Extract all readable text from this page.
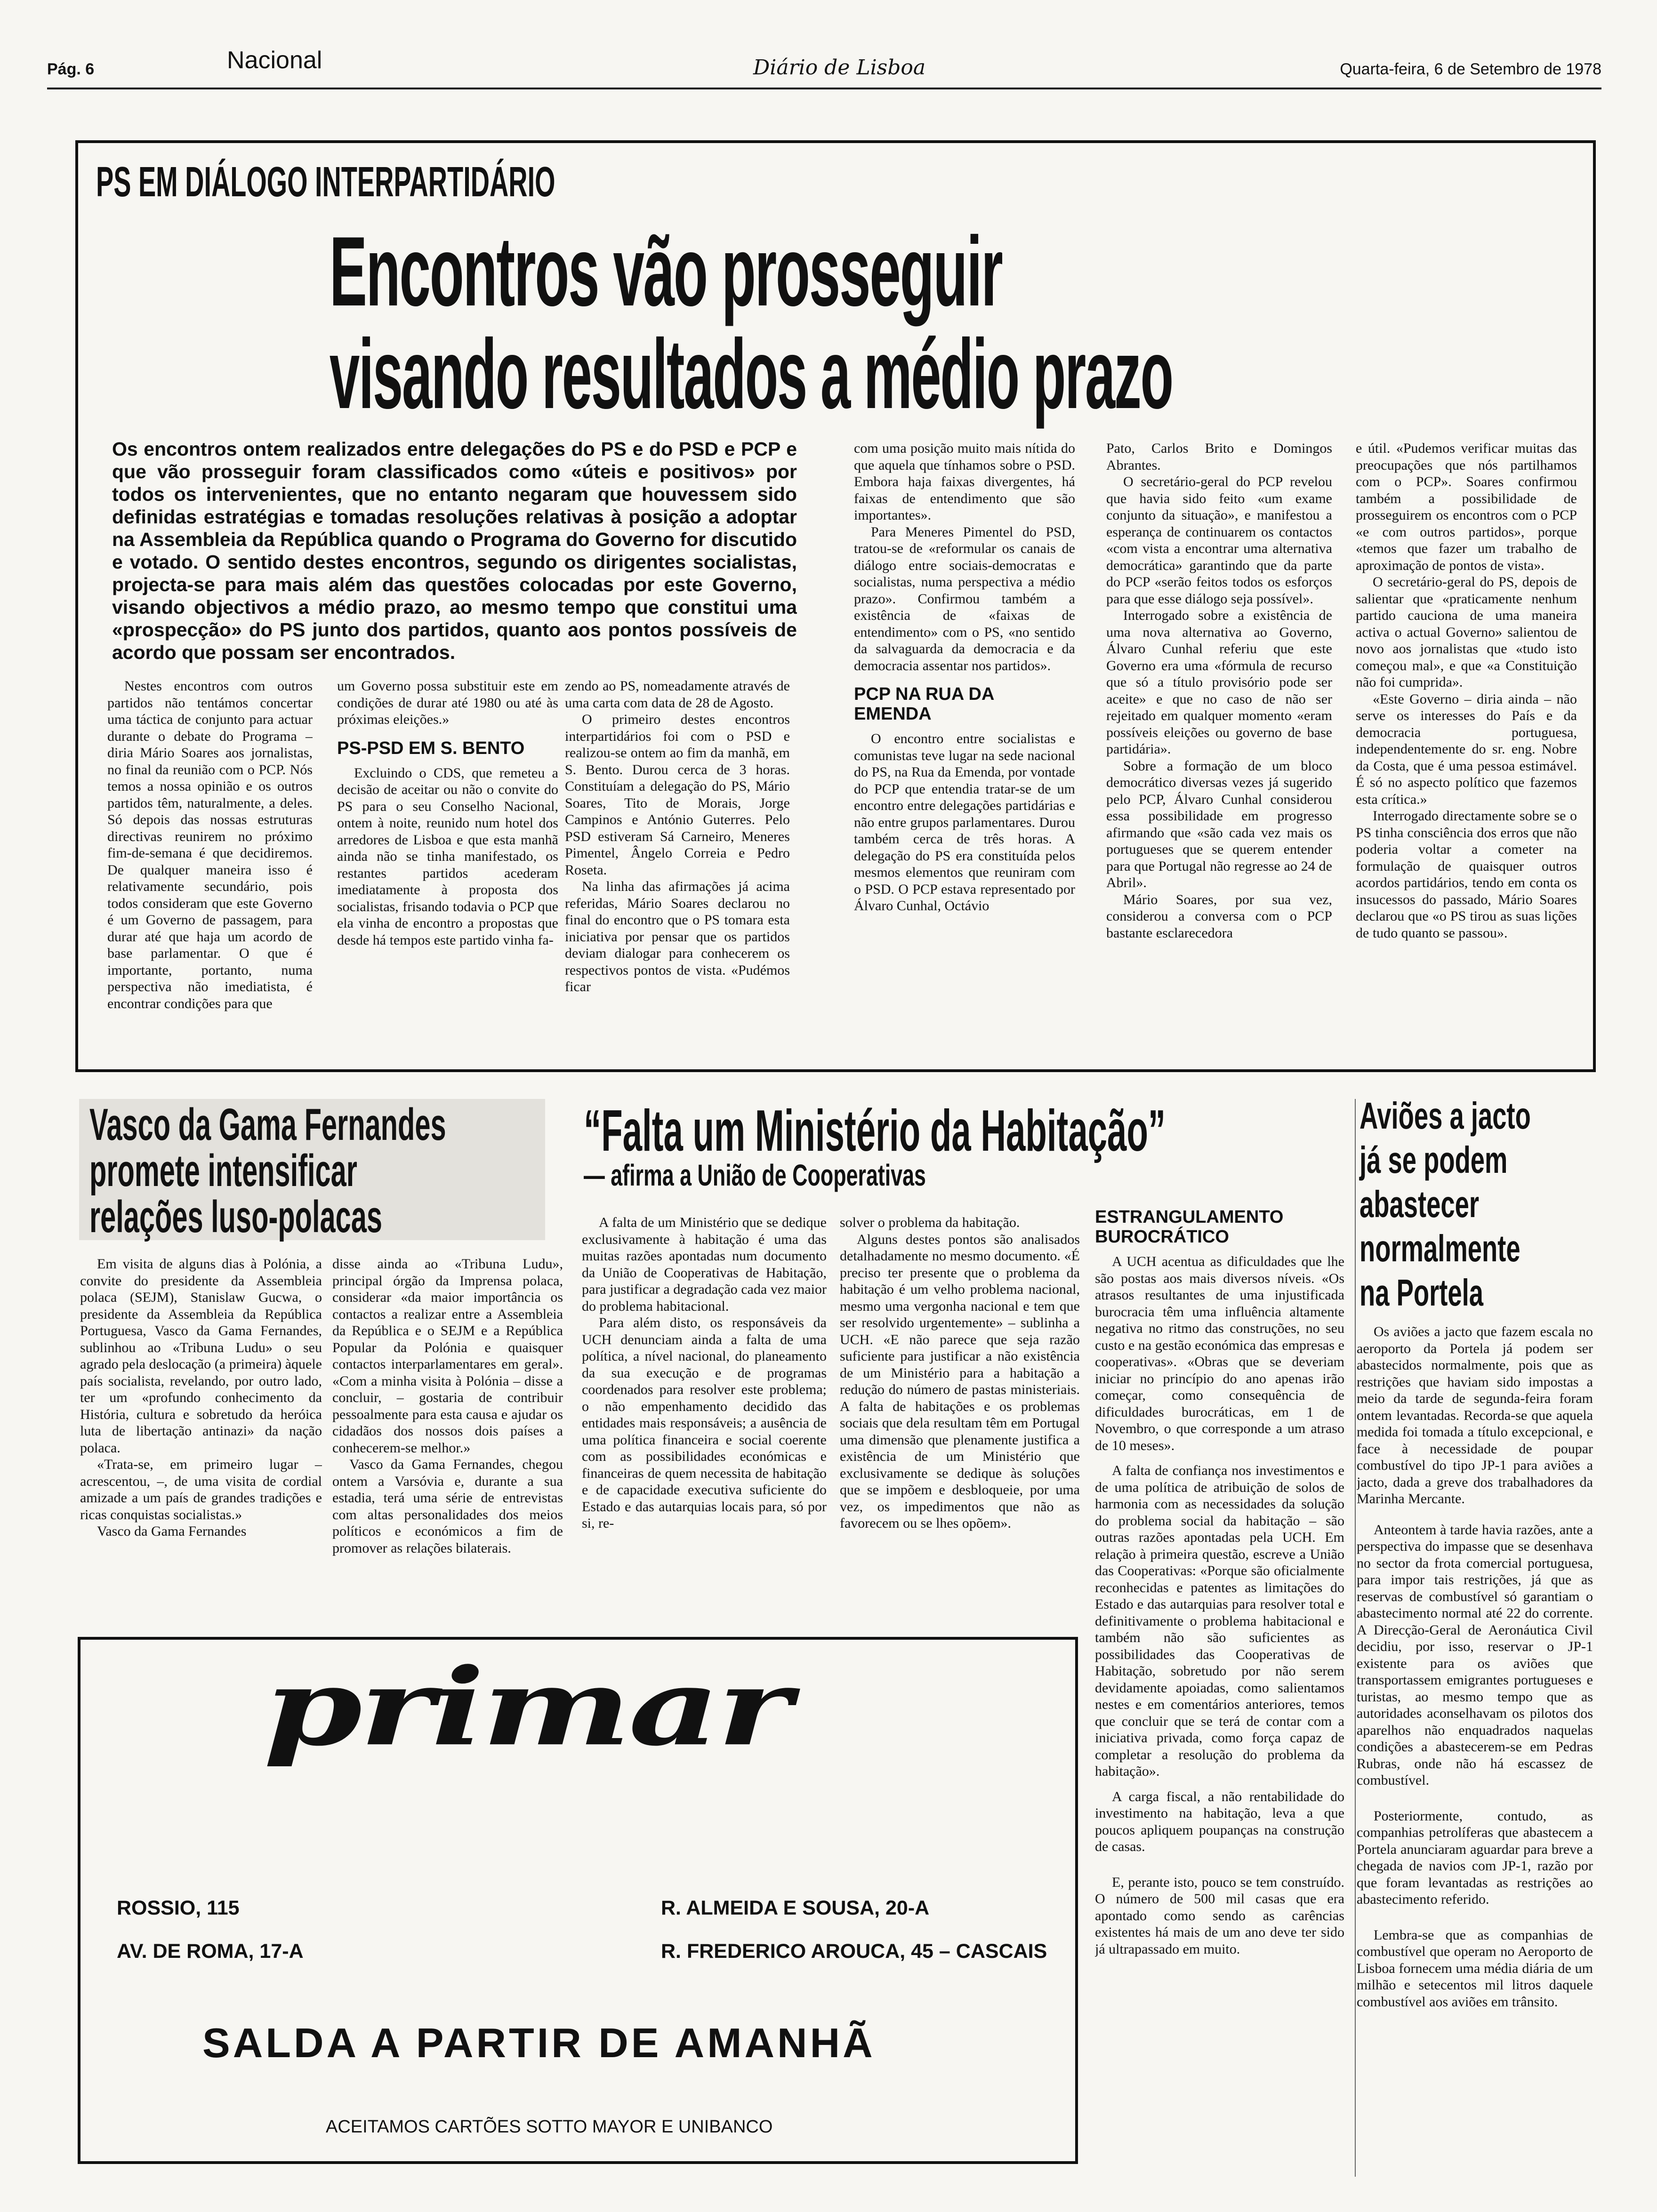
Pág. 6	Nacional	Diário de Lisboa	Quarta-feira, 6 de Setembro de 1978
PS EM DIÁLOGO INTERPARTIDÁRIO
Encontros vão prosseguir
visando resultados a médio prazo
Os encontros ontem realizados entre delegações do PS e do PSD e PCP e que vão prosseguir foram classificados como «úteis e positivos» por todos os intervenientes, que no entanto negaram que houvessem sido definidas estratégias e tomadas resoluções relativas à posição a adoptar na Assembleia da República quando o Programa do Governo for discutido e votado. O sentido destes encontros, segundo os dirigentes socialistas, projecta-se para mais além das questões colocadas por este Governo, visando objectivos a médio prazo, ao mesmo tempo que constitui uma «prospecção» do PS junto dos partidos, quanto aos pontos possíveis de acordo que possam ser encontrados.

Nestes encontros com outros partidos não tentámos concertar uma táctica de conjunto para actuar durante o debate do Programa – diria Mário Soares aos jornalistas, no final da reunião com o PCP. Nós temos a nossa opinião e os outros partidos têm, naturalmente, a deles. Só depois das nossas estruturas directivas reunirem no próximo fim-de-semana é que decidiremos. De qualquer maneira isso é relativamente secundário, pois todos consideram que este Governo é um Governo de passagem, para durar até que haja um acordo de base parlamentar. O que é importante, portanto, numa perspectiva não imediatista, é encontrar condições para que

um Governo possa substituir este em condições de durar até 1980 ou até às próximas eleições.»

PS-PSD EM S. BENTO

Excluindo o CDS, que remeteu a decisão de aceitar ou não o convite do PS para o seu Conselho Nacional, ontem à noite, reunido num hotel dos arredores de Lisboa e que esta manhã ainda não se tinha manifestado, os restantes partidos acederam imediatamente à proposta dos socialistas, frisando todavia o PCP que ela vinha de encontro a propostas que desde há tempos este partido vinha fa-

zendo ao PS, nomeadamente através de uma carta com data de 28 de Agosto.

O primeiro destes encontros interpartidários foi com o PSD e realizou-se ontem ao fim da manhã, em S. Bento. Durou cerca de 3 horas. Constituíam a delegação do PS, Mário Soares, Tito de Morais, Jorge Campinos e António Guterres. Pelo PSD estiveram Sá Carneiro, Meneres Pimentel, Ângelo Correia e Pedro Roseta.

Na linha das afirmações já acima referidas, Mário Soares declarou no final do encontro que o PS tomara esta iniciativa por pensar que os partidos deviam dialogar para conhecerem os respectivos pontos de vista. «Pudémos ficar

com uma posição muito mais nítida do que aquela que tínhamos sobre o PSD. Embora haja faixas divergentes, há faixas de entendimento que são importantes».

Para Meneres Pimentel do PSD, tratou-se de «reformular os canais de diálogo entre sociais-democratas e socialistas, numa perspectiva a médio prazo». Confirmou também a existência de «faixas de entendimento» com o PS, «no sentido da salvaguarda da democracia e da democracia assentar nos partidos».

PCP NA RUA DA EMENDA

O encontro entre socialistas e comunistas teve lugar na sede nacional do PS, na Rua da Emenda, por vontade do PCP que entendia tratar-se de um encontro entre delegações partidárias e não entre grupos parlamentares. Durou também cerca de três horas. A delegação do PS era constituída pelos mesmos elementos que reuniram com o PSD. O PCP estava representado por Álvaro Cunhal, Octávio

Pato, Carlos Brito e Domingos Abrantes.

O secretário-geral do PCP revelou que havia sido feito «um exame conjunto da situação», e manifestou a esperança de continuarem os contactos «com vista a encontrar uma alternativa democrática» garantindo que da parte do PCP «serão feitos todos os esforços para que esse diálogo seja possível».

Interrogado sobre a existência de uma nova alternativa ao Governo, Álvaro Cunhal referiu que este Governo era uma «fórmula de recurso que só a título provisório pode ser aceite» e que no caso de não ser rejeitado em qualquer momento «eram possíveis eleições ou governo de base partidária».

Sobre a formação de um bloco democrático diversas vezes já sugerido pelo PCP, Álvaro Cunhal considerou essa possibilidade em progresso afirmando que «são cada vez mais os portugueses que se querem entender para que Portugal não regresse ao 24 de Abril».

Mário Soares, por sua vez, considerou a conversa com o PCP bastante esclarecedora

e útil. «Pudemos verificar muitas das preocupações que nós partilhamos com o PCP». Soares confirmou também a possibilidade de prosseguirem os encontros com o PCP «e com outros partidos», porque «temos que fazer um trabalho de aproximação de pontos de vista».

O secretário-geral do PS, depois de salientar que «praticamente nenhum partido cauciona de uma maneira activa o actual Governo» salientou de novo aos jornalistas que «tudo isto começou mal», e que «a Constituição não foi cumprida».

«Este Governo – diria ainda – não serve os interesses do País e da democracia portuguesa, independentemente do sr. eng. Nobre da Costa, que é uma pessoa estimável. É só no aspecto político que fazemos esta crítica.»

Interrogado directamente sobre se o PS tinha consciência dos erros que não poderia voltar a cometer na formulação de quaisquer outros acordos partidários, tendo em conta os insucessos do passado, Mário Soares declarou que «o PS tirou as suas lições de tudo quanto se passou».

Vasco da Gama Fernandes
promete intensificar
relações luso-polacas

Em visita de alguns dias à Polónia, a convite do presidente da Assembleia polaca (SEJM), Stanislaw Gucwa, o presidente da Assembleia da República Portuguesa, Vasco da Gama Fernandes, sublinhou ao «Tribuna Ludu» o seu agrado pela deslocação (a primeira) àquele país socialista, revelando, por outro lado, ter um «profundo conhecimento da História, cultura e sobretudo da heróica luta de libertação antinazi» da nação polaca.

«Trata-se, em primeiro lugar – acrescentou, –, de uma visita de cordial amizade a um país de grandes tradições e ricas conquistas socialistas.»

Vasco da Gama Fernandes

disse ainda ao «Tribuna Ludu», principal órgão da Imprensa polaca, considerar «da maior importância os contactos a realizar entre a Assembleia da República e o SEJM e a República Popular da Polónia e quaisquer contactos interparlamentares em geral». «Com a minha visita à Polónia – disse a concluir, – gostaria de contribuir pessoalmente para esta causa e ajudar os cidadãos dos nossos dois países a conhecerem-se melhor.»

Vasco da Gama Fernandes, chegou ontem a Varsóvia e, durante a sua estadia, terá uma série de entrevistas com altas personalidades dos meios políticos e económicos a fim de promover as relações bilaterais.

“Falta um Ministério da Habitação”
— afirma a União de Cooperativas

A falta de um Ministério que se dedique exclusivamente à habitação é uma das muitas razões apontadas num documento da União de Cooperativas de Habitação, para justificar a degradação cada vez maior do problema habitacional.

Para além disto, os responsáveis da UCH denunciam ainda a falta de uma política, a nível nacional, do planeamento da sua execução e de programas coordenados para resolver este problema; o não empenhamento decidido das entidades mais responsáveis; a ausência de uma política financeira e social coerente com as possibilidades económicas e financeiras de quem necessita de habitação e de capacidade executiva suficiente do Estado e das autarquias locais para, só por si, re-

solver o problema da habitação.

Alguns destes pontos são analisados detalhadamente no mesmo documento. «É preciso ter presente que o problema da habitação é um velho problema nacional, mesmo uma vergonha nacional e tem que ser resolvido urgentemente» – sublinha a UCH. «E não parece que seja razão suficiente para justificar a não existência de um Ministério para a habitação a redução do número de pastas ministeriais. A falta de habitações e os problemas sociais que dela resultam têm em Portugal uma dimensão que plenamente justifica a existência de um Ministério que exclusivamente se dedique às soluções que se impõem e desbloqueie, por uma vez, os impedimentos que não as favorecem ou se lhes opõem».

ESTRANGULAMENTO BUROCRÁTICO

A UCH acentua as dificuldades que lhe são postas aos mais diversos níveis. «Os atrasos resultantes de uma injustificada burocracia têm uma influência altamente negativa no ritmo das construções, no seu custo e na gestão económica das empresas e cooperativas». «Obras que se deveriam iniciar no princípio do ano apenas irão começar, como consequência de dificuldades burocráticas, em 1 de Novembro, o que corresponde a um atraso de 10 meses».

A falta de confiança nos investimentos e de uma política de atribuição de solos de harmonia com as necessidades da solução do problema social da habitação – são outras razões apontadas pela UCH. Em relação à primeira questão, escreve a União das Cooperativas: «Porque são oficialmente reconhecidas e patentes as limitações do Estado e das autarquias para resolver total e definitivamente o problema habitacional e também não são suficientes as possibilidades das Cooperativas de Habitação, sobretudo por não serem devidamente apoiadas, como salientamos nestes e em comentários anteriores, temos que concluir que se terá de contar com a iniciativa privada, como força capaz de completar a resolução do problema da habitação».

A carga fiscal, a não rentabilidade do investimento na habitação, leva a que poucos apliquem poupanças na construção de casas.

E, perante isto, pouco se tem construído. O número de 500 mil casas que era apontado como sendo as carências existentes há mais de um ano deve ter sido já ultrapassado em muito.

Aviões a jacto
já se podem
abastecer
normalmente
na Portela

Os aviões a jacto que fazem escala no aeroporto da Portela já podem ser abastecidos normalmente, pois que as restrições que haviam sido impostas a meio da tarde de segunda-feira foram ontem levantadas. Recorda-se que aquela medida foi tomada a título excepcional, e face à necessidade de poupar combustível do tipo JP-1 para aviões a jacto, dada a greve dos trabalhadores da Marinha Mercante.

Anteontem à tarde havia razões, ante a perspectiva do impasse que se desenhava no sector da frota comercial portuguesa, para impor tais restrições, já que as reservas de combustível só garantiam o abastecimento normal até 22 do corrente. A Direcção-Geral de Aeronáutica Civil decidiu, por isso, reservar o JP-1 existente para os aviões que transportassem emigrantes portugueses e turistas, ao mesmo tempo que as autoridades aconselhavam os pilotos dos aparelhos não enquadrados naquelas condições a abastecerem-se em Pedras Rubras, onde não há escassez de combustível.

Posteriormente, contudo, as companhias petrolíferas que abastecem a Portela anunciaram aguardar para breve a chegada de navios com JP-1, razão por que foram levantadas as restrições ao abastecimento referido.

Lembra-se que as companhias de combustível que operam no Aeroporto de Lisboa fornecem uma média diária de um milhão e setecentos mil litros daquele combustível aos aviões em trânsito.

primar
ROSSIO, 115
AV. DE ROMA, 17-A
R. ALMEIDA E SOUSA, 20-A
R. FREDERICO AROUCA, 45 – CASCAIS
SALDA A PARTIR DE AMANHÃ
ACEITAMOS CARTÕES SOTTO MAYOR E UNIBANCO
